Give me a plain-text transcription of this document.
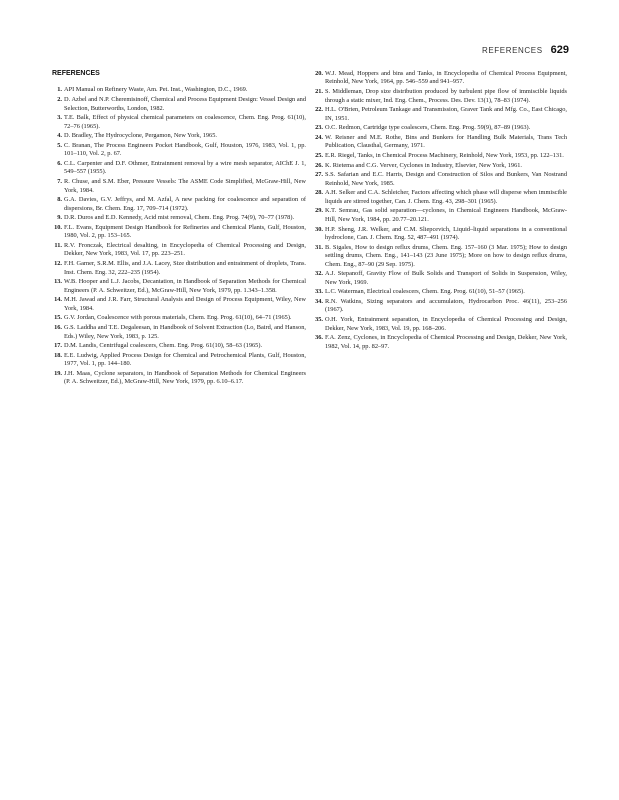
REFERENCES 629
REFERENCES
1. API Manual on Refinery Waste, Am. Pet. Inst., Washington, D.C., 1969.
2. D. Azbel and N.P. Cheremisinoff, Chemical and Process Equipment Design: Vessel Design and Selection, Butterworths, London, 1982.
3. T.E. Balk, Effect of physical chemical parameters on coalescence, Chem. Eng. Prog. 61(10), 72–76 (1965).
4. D. Bradley, The Hydrocyclone, Pergamon, New York, 1965.
5. C. Branan, The Process Engineers Pocket Handbook, Gulf, Houston, 1976, 1983, Vol. 1, pp. 101–110, Vol. 2, p. 67.
6. C.L. Carpenter and D.F. Othmer, Entrainment removal by a wire mesh separator, AIChE J. 1, 549–557 (1955).
7. R. Chuse, and S.M. Eber, Pressure Vessels: The ASME Code Simplified, McGraw-Hill, New York, 1984.
8. G.A. Davies, G.V. Jeffrys, and M. Azfal, A new packing for coalescence and separation of dispersions, Br. Chem. Eng. 17, 709–714 (1972).
9. D.R. Duros and E.D. Kennedy, Acid mist removal, Chem. Eng. Prog. 74(9), 70–77 (1978).
10. F.L. Evans, Equipment Design Handbook for Refineries and Chemical Plants, Gulf, Houston, 1980, Vol. 2, pp. 153–165.
11. R.V. Fronczak, Electrical desalting, in Encyclopedia of Chemical Processing and Design, Dekker, New York, 1983, Vol. 17, pp. 223–251.
12. F.H. Garner, S.R.M. Ellis, and J.A. Lacey, Size distribution and entrainment of droplets, Trans. Inst. Chem. Eng. 32, 222–235 (1954).
13. W.B. Hooper and L.J. Jacobs, Decantation, in Handbook of Separation Methods for Chemical Engineers (P. A. Schweitzer, Ed.), McGraw-Hill, New York, 1979, pp. 1.343–1.358.
14. M.H. Jawad and J.R. Farr, Structural Analysis and Design of Process Equipment, Wiley, New York, 1984.
15. G.V. Jordan, Coalescence with porous materials, Chem. Eng. Prog. 61(10), 64–71 (1965).
16. G.S. Laddha and T.E. Degaleesan, in Handbook of Solvent Extraction (Lo, Baird, and Hanson, Eds.) Wiley, New York, 1983, p. 125.
17. D.M. Landis, Centrifugal coalescers, Chem. Eng. Prog. 61(10), 58–63 (1965).
18. E.E. Ludwig, Applied Process Design for Chemical and Petrochemical Plants, Gulf, Houston, 1977, Vol. 1, pp. 144–180.
19. J.H. Maas, Cyclone separators, in Handbook of Separation Methods for Chemical Engineers (P. A. Schweitzer, Ed.), McGraw-Hill, New York, 1979, pp. 6.10–6.17.
20. W.J. Mead, Hoppers and bins and Tanks, in Encyclopedia of Chemical Process Equipment, Reinhold, New York, 1964, pp. 546–559 and 941–957.
21. S. Middleman, Drop size distribution produced by turbulent pipe flow of immiscible liquids through a static mixer, Ind. Eng. Chem., Process. Des. Dev. 13(1), 78–83 (1974).
22. H.L. O'Brien, Petroleum Tankage and Transmission, Graver Tank and Mfg. Co., East Chicago, IN, 1951.
23. O.C. Redmon, Cartridge type coalescers, Chem. Eng. Prog. 59(9), 87–89 (1963).
24. W. Reisner and M.E. Rothe, Bins and Bunkers for Handling Bulk Materials, Trans Tech Publication, Clausthal, Germany, 1971.
25. E.R. Riegel, Tanks, in Chemical Process Machinery, Reinhold, New York, 1953, pp. 122–131.
26. K. Rietema and C.G. Verver, Cyclones in Industry, Elsevier, New York, 1961.
27. S.S. Safarian and E.C. Harris, Design and Construction of Silos and Bunkers, Van Nostrand Reinhold, New York, 1985.
28. A.H. Selker and C.A. Schleicher, Factors affecting which phase will disperse when immiscible liquids are stirred together, Can. J. Chem. Eng. 43, 298–301 (1965).
29. K.T. Semrau, Gas solid separation—cyclones, in Chemical Engineers Handbook, McGraw-Hill, New York, 1984, pp. 20.77–20.121.
30. H.P. Sheng, J.R. Welker, and C.M. Sliepcevich, Liquid–liquid separations in a conventional hydroclone, Can. J. Chem. Eng. 52, 487–491 (1974).
31. B. Sigales, How to design reflux drums, Chem. Eng. 157–160 (3 Mar. 1975); How to design settling drums, Chem. Eng., 141–143 (23 June 1975); More on how to design reflux drums, Chem. Eng., 87–90 (29 Sep. 1975).
32. A.J. Stepanoff, Gravity Flow of Bulk Solids and Transport of Solids in Suspension, Wiley, New York, 1969.
33. L.C. Waterman, Electrical coalescers, Chem. Eng. Prog. 61(10), 51–57 (1965).
34. R.N. Watkins, Sizing separators and accumulators, Hydrocarbon Proc. 46(11), 253–256 (1967).
35. O.H. York, Entrainment separation, in Encyclopedia of Chemical Processing and Design, Dekker, New York, 1983, Vol. 19, pp. 168–206.
36. F.A. Zenz, Cyclones, in Encyclopedia of Chemical Processing and Design, Dekker, New York, 1982, Vol. 14, pp. 82–97.
